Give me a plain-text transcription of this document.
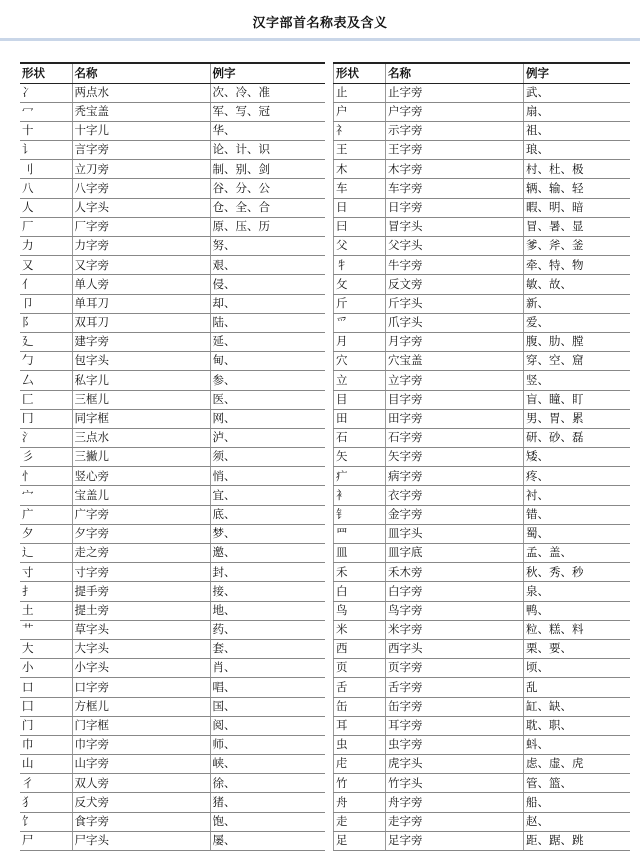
汉字部首名称表及含义
形状	名称	例字
冫	两点水	次、冷、准
冖	秃宝盖	军、写、冠
十	十字儿	华、
讠	言字旁	论、计、识
刂	立刀旁	制、别、剑
八	八字旁	谷、分、公
人	人字头	仓、全、合
厂	厂字旁	原、压、历
力	力字旁	努、
又	又字旁	艰、
亻	单人旁	侵、
卩	单耳刀	却、
阝	双耳刀	陆、
廴	建字旁	延、
勹	包字头	甸、
厶	私字儿	参、
匚	三框儿	医、
冂	同字框	网、
氵	三点水	泸、
彡	三撇儿	须、
忄	竖心旁	悄、
宀	宝盖儿	宜、
广	广字旁	底、
夕	夕字旁	梦、
辶	走之旁	邀、
寸	寸字旁	封、
扌	提手旁	接、
土	提土旁	地、
艹	草字头	药、
大	大字头	套、
小	小字头	肖、
口	口字旁	唱、
囗	方框儿	国、
门	门字框	阅、
巾	巾字旁	师、
山	山字旁	峡、
彳	双人旁	徐、
犭	反犬旁	猪、
饣	食字旁	饱、
尸	尸字头	屡、
形状	名称	例字
止	止字旁	武、
户	户字旁	扇、
礻	示字旁	祖、
王	王字旁	琅、
木	木字旁	村、杜、极
车	车字旁	辆、输、轻
日	日字旁	暇、明、暗
曰	冒字头	冒、暑、显
父	父字头	爹、斧、釜
牜	牛字旁	牵、特、物
攵	反文旁	敏、故、
斤	斤字头	新、
爫	爪字头	爱、
月	月字旁	腹、肋、膛
穴	穴宝盖	穿、空、窟
立	立字旁	竖、
目	目字旁	盲、瞳、盯
田	田字旁	男、胃、累
石	石字旁	研、砂、磊
矢	矢字旁	矮、
疒	病字旁	疼、
衤	衣字旁	衬、
钅	金字旁	错、
罒	皿字头	蜀、
皿	皿字底	孟、盖、
禾	禾木旁	秋、秀、秒
白	白字旁	泉、
鸟	鸟字旁	鸭、
米	米字旁	粒、糕、料
西	西字头	栗、要、
页	页字旁	顷、
舌	舌字旁	乱
缶	缶字旁	缸、缺、
耳	耳字旁	耽、职、
虫	虫字旁	蚪、
虍	虎字头	虑、虚、虎
竹	竹字头	管、篮、
舟	舟字旁	船、
走	走字旁	赵、
足	足字旁	距、踞、跳
